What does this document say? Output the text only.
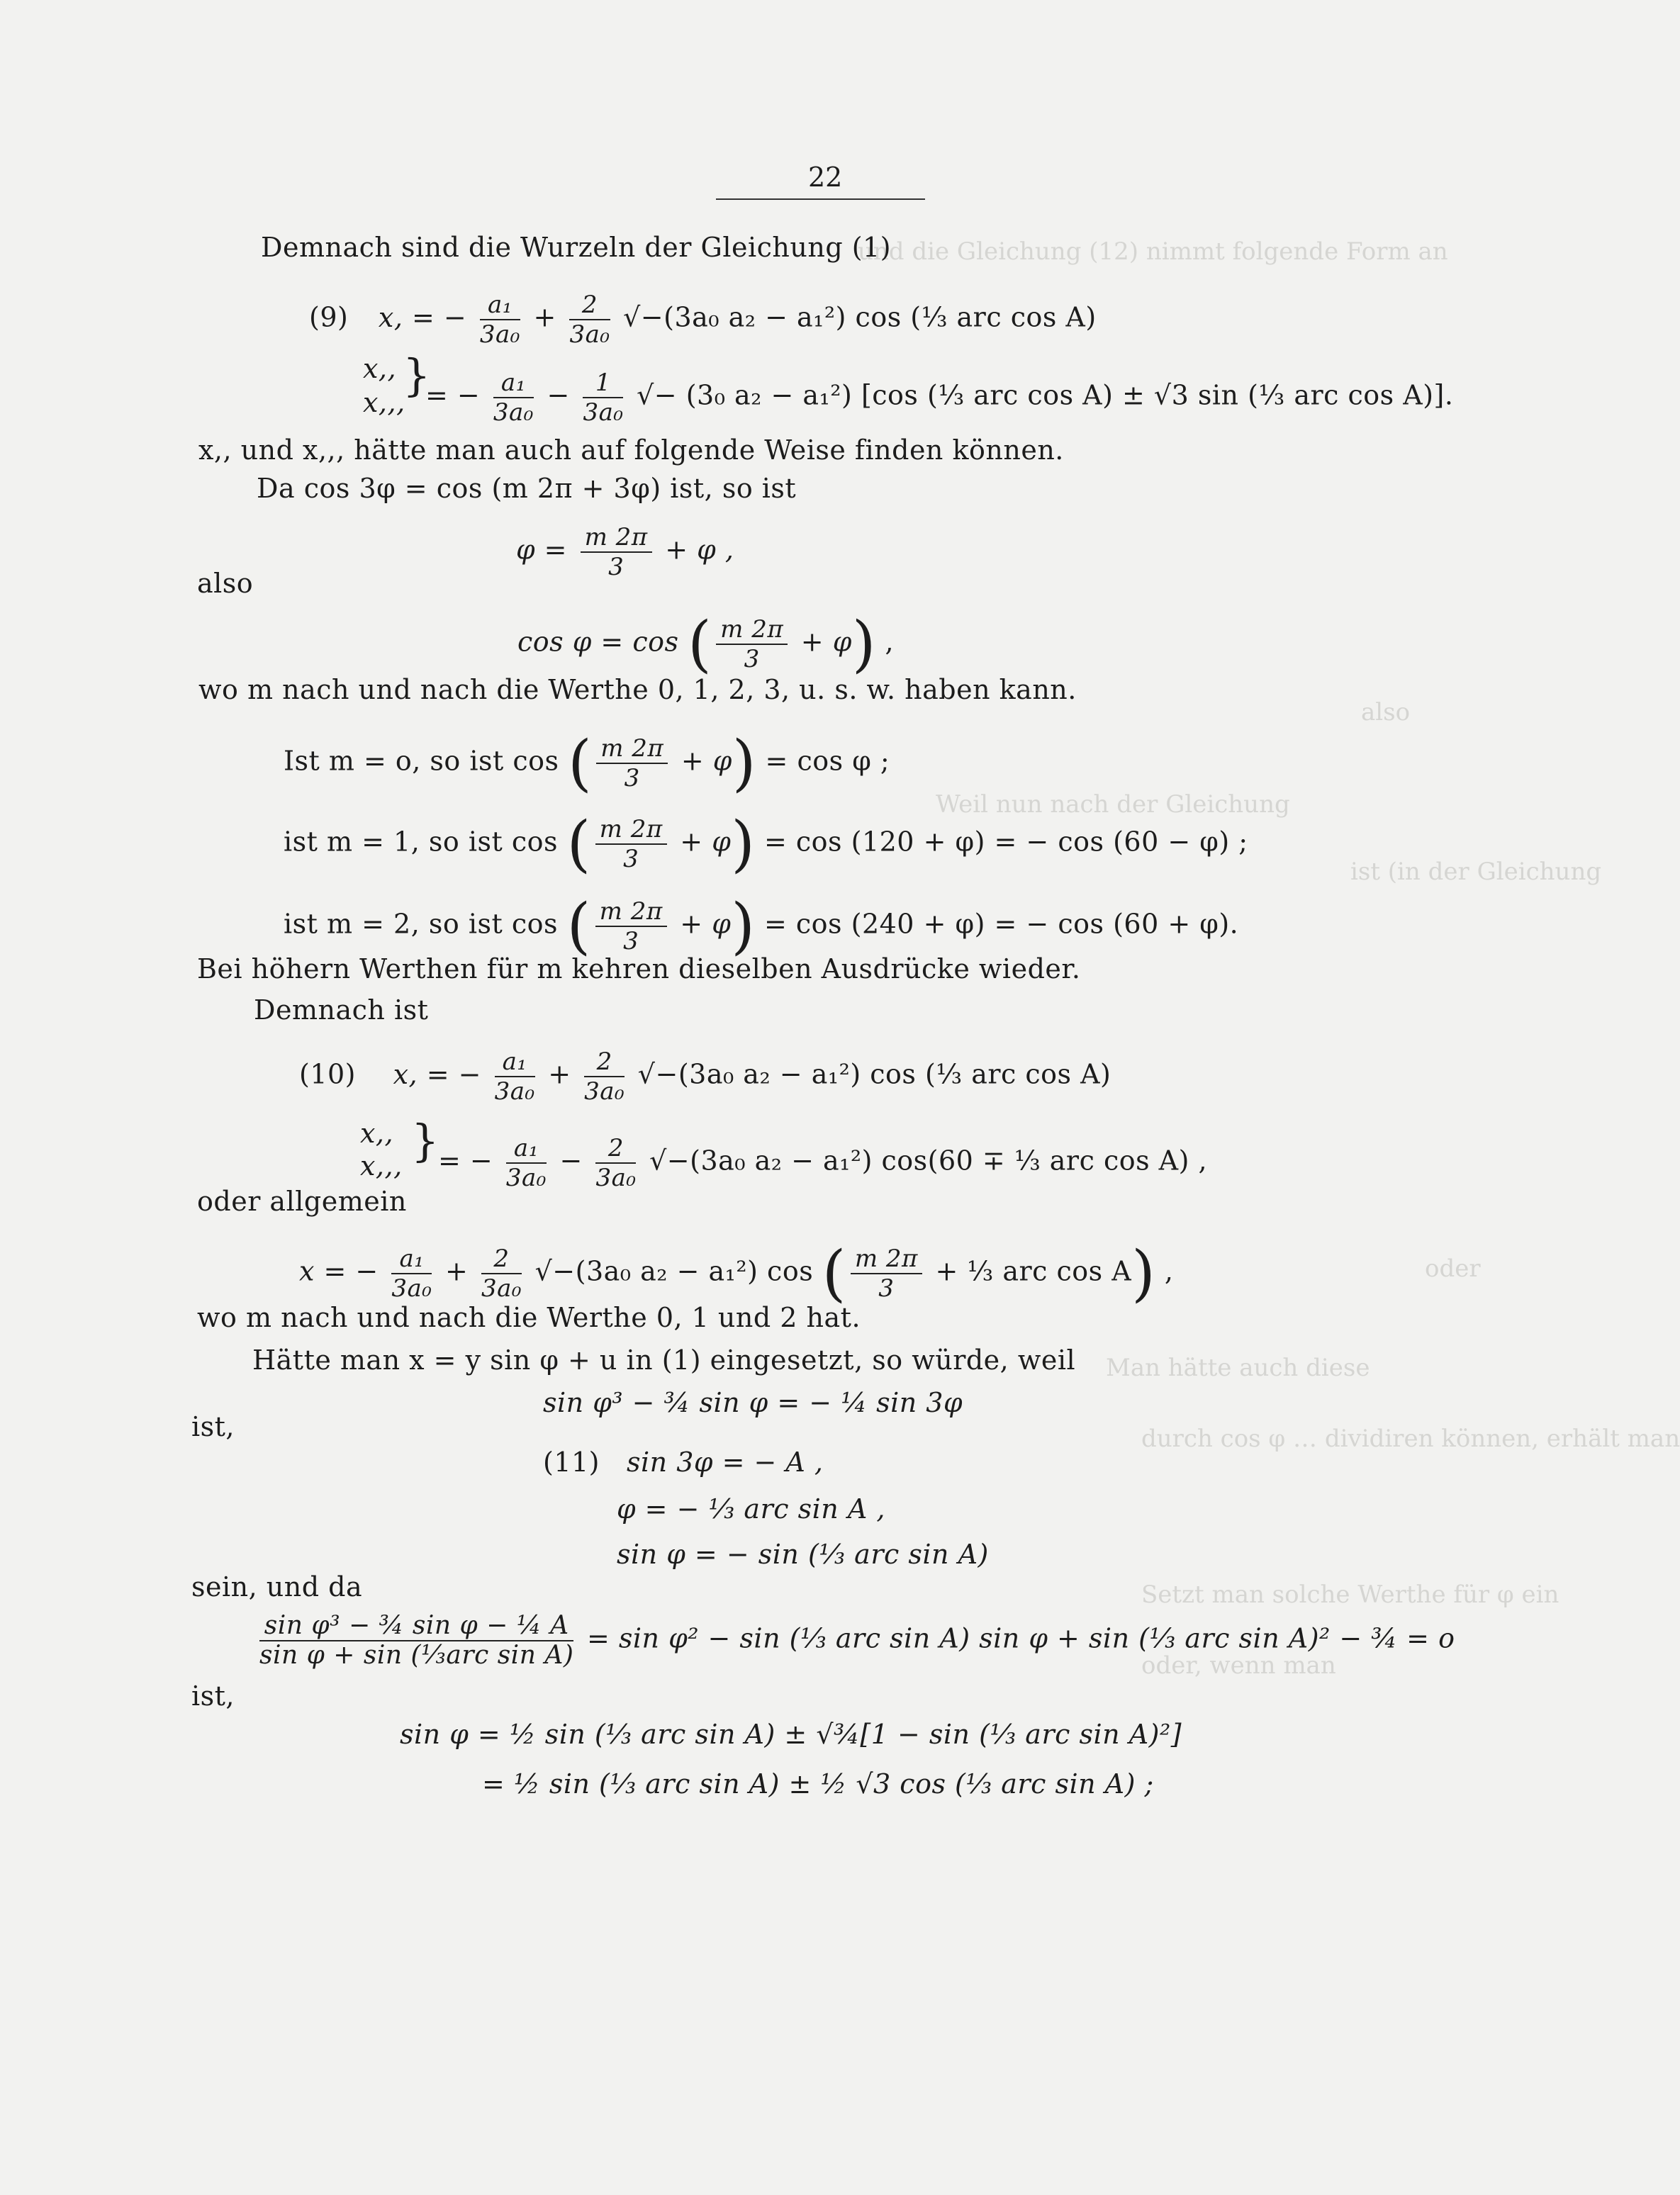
und die Gleichung (12) nimmt folgende Form an
also
Weil nun nach der Gleichung
ist (in der Gleichung
oder
Man hätte auch diese
durch cos φ … dividiren können, erhält man
Setzt man solche Werthe für φ ein
oder, wenn man
22
Demnach sind die Wurzeln der Gleichung (1)
(9) x, = − $\frac{\text{a₁}}{\text{3a₀}} + \frac{2}{\text{3a₀}} √-(3a_0$ a₂ − a₁²) cos (⅓ arc cos A)
x,,
x,,,
}
= − $\frac{\text{a₁}}{\text{3a₀}} - \frac{1}{\text{3a₀}}$ √− (3₀ a₂ − a₁²) [cos (⅓ arc cos A) ± √3 sin (⅓ arc cos A)].
x,, und x,,, hätte man auch auf folgende Weise finden können.
Da cos 3φ = cos (m 2π + 3φ) ist, so ist
$\varphi = \frac{m 2\pi}{3} + \varphi$ ,
also
cos φ = cos ( $\frac{m 2\pi}{3} + \varphi$) ,
wo m nach und nach die Werthe 0, 1, 2, 3, u. s. w. haben kann.
Ist m = o, so ist cos ( $\frac{m 2\pi}{3} + \varphi) = \cos \varphi$ ;
ist m = 1, so ist cos ( $\frac{m 2\pi}{3} + \varphi) = \cos (120 + \varphi)$ = − cos (60 − φ) ;
ist m = 2, so ist cos ( $\frac{m 2\pi}{3} + \varphi) = \cos (240 + \varphi)$ = − cos (60 + φ).
Bei höhern Werthen für m kehren dieselben Ausdrücke wieder.
Demnach ist
(10) x, = − $\frac{\text{a₁}}{\text{3a₀}} + \frac{2}{\text{3a₀}} √-(3a_0$ a₂ − a₁²) cos (⅓ arc cos A)
x,,
x,,, }
= − $\frac{\text{a₁}}{\text{3a₀}} - \frac{2}{\text{3a₀}} √-(3a_0$ a₂ − a₁²) cos(60 ∓ ⅓ arc cos A) ,
oder allgemein
x = − $\frac{\text{a₁}}{\text{3a₀}} + \frac{2}{\text{3a₀}} √-(3a_0$ a₂ − a₁²) cos ( $\frac{m 2\pi}{3}$ + ⅓ arc cos A) ,
wo m nach und nach die Werthe 0, 1 und 2 hat.
Hätte man x = y sin φ + u in (1) eingesetzt, so würde, weil
sin φ³ − ¾ sin φ = − ¼ sin 3φ
ist,
(11) sin 3φ = − A ,
φ = − ⅓ arc sin A ,
sin φ = − sin (⅓ arc sin A)
sein, und da
$\frac{\text{sin φ³ − ¾ sin φ − ¼ A}}{\text{sin φ + sin (⅓arc sin A)}} = \sin \varphi^2 - \sin$ (⅓ arc sin A) sin φ + sin (⅓ arc sin A)² − ¾ = o
ist,
sin φ = ½ sin (⅓ arc sin A) ± √¾[1 − sin (⅓ arc sin A)²]
= ½ sin (⅓ arc sin A) ± ½ √3 cos (⅓ arc sin A) ;
